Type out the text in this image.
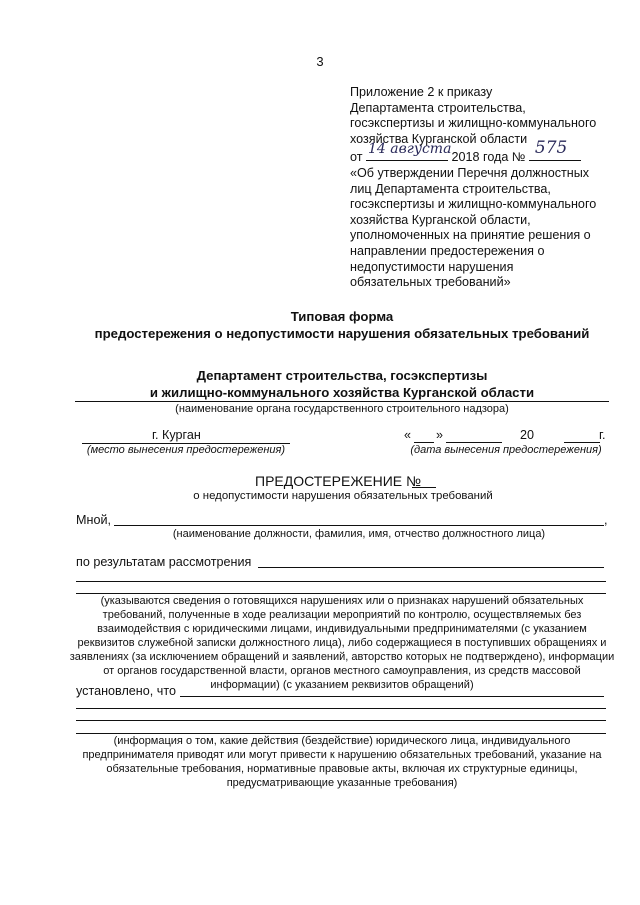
3
Приложение 2 к приказу
Департамента строительства,
госэкспертизы и жилищно-коммунального
хозяйства Курганской области
от 14 августа 2018 года № 575
«Об утверждении Перечня должностных
лиц Департамента строительства,
госэкспертизы и жилищно-коммунального
хозяйства Курганской области,
уполномоченных на принятие решения о
направлении предостережения о
недопустимости нарушения
обязательных требований»
Типовая форма
предостережения о недопустимости нарушения обязательных требований
Департамент строительства, госэкспертизы
и жилищно-коммунального хозяйства Курганской области
(наименование органа государственного строительного надзора)
г. Курган
(место вынесения предостережения)
« »	20	г.
(дата вынесения предостережения)
ПРЕДОСТЕРЕЖЕНИЕ №
о недопустимости нарушения обязательных требований
Мной,	,
(наименование должности, фамилия, имя, отчество должностного лица)
по результатам рассмотрения
(указываются сведения о готовящихся нарушениях или о признаках нарушений обязательных
требований, полученные в ходе реализации мероприятий по контролю, осуществляемых без
взаимодействия с юридическими лицами, индивидуальными предпринимателями (с указанием
реквизитов служебной записки должностного лица), либо содержащиеся в поступивших обращениях и
заявлениях (за исключением обращений и заявлений, авторство которых не подтверждено), информации
от органов государственной власти, органов местного самоуправления, из средств массовой
информации) (с указанием реквизитов обращений)
установлено, что
(информация о том, какие действия (бездействие) юридического лица, индивидуального
предпринимателя приводят или могут привести к нарушению обязательных требований, указание на
обязательные требования, нормативные правовые акты, включая их структурные единицы,
предусматривающие указанные требования)
